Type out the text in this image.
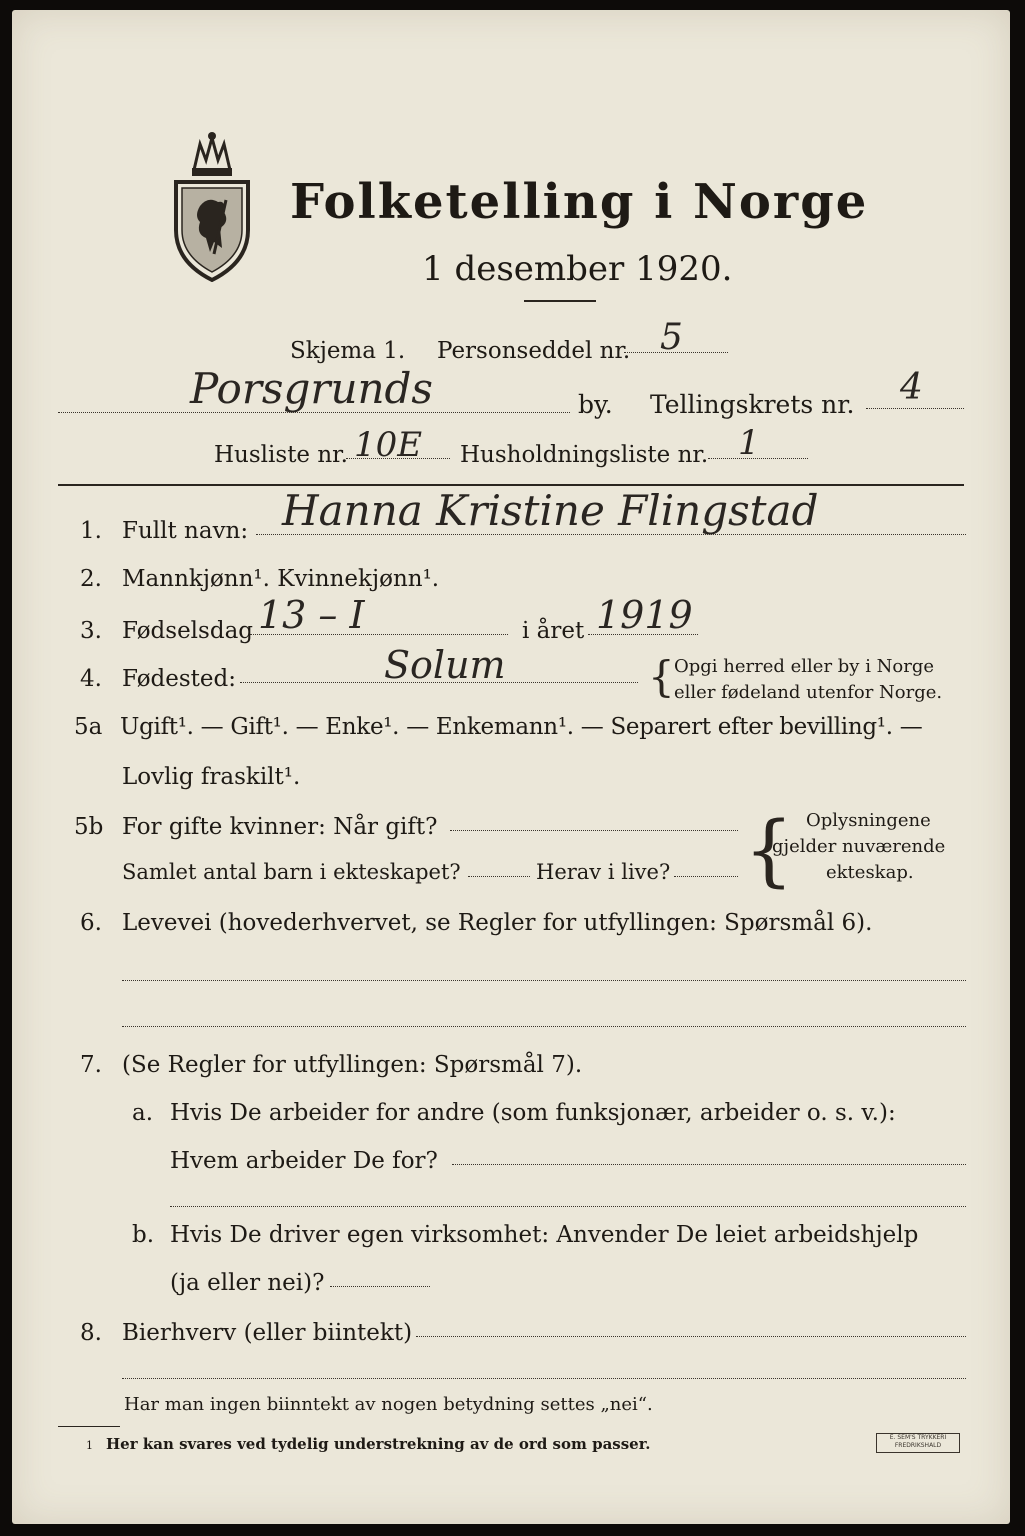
Folketelling i Norge
1 desember 1920.
Skjema 1. Personseddel nr. 5
Porsgrunds	by. Tellingskrets nr. 4
Husliste nr. 10E Husholdningsliste nr. 1
1. Fullt navn: Hanna Kristine Flingstad
2. Mannkjønn¹. Kvinnekjønn¹.
3. Fødselsdag 13 – I	i året 1919
4. Fødested:	Solum	{ Opgi herred eller by i Norge
eller fødeland utenfor Norge.
5a Ugift¹. — Gift¹. — Enke¹. — Enkemann¹. — Separert efter bevilling¹. —
Lovlig fraskilt¹.
5b For gifte kvinner: Når gift?
Samlet antal barn i ekteskapet?	Herav i live? { Oplysningene
gjelder nuværende
ekteskap.
6. Levevei (hovederhvervet, se Regler for utfyllingen: Spørsmål 6).
7. (Se Regler for utfyllingen: Spørsmål 7).
a. Hvis De arbeider for andre (som funksjonær, arbeider o. s. v.):
Hvem arbeider De for?
b. Hvis De driver egen virksomhet: Anvender De leiet arbeidshjelp
(ja eller nei)?
8. Bierhverv (eller biintekt)
Har man ingen biinntekt av nogen betydning settes „nei“.
1 Her kan svares ved tydelig understrekning av de ord som passer.	E. SEM'S TRYKKERI
FREDRIKSHALD
